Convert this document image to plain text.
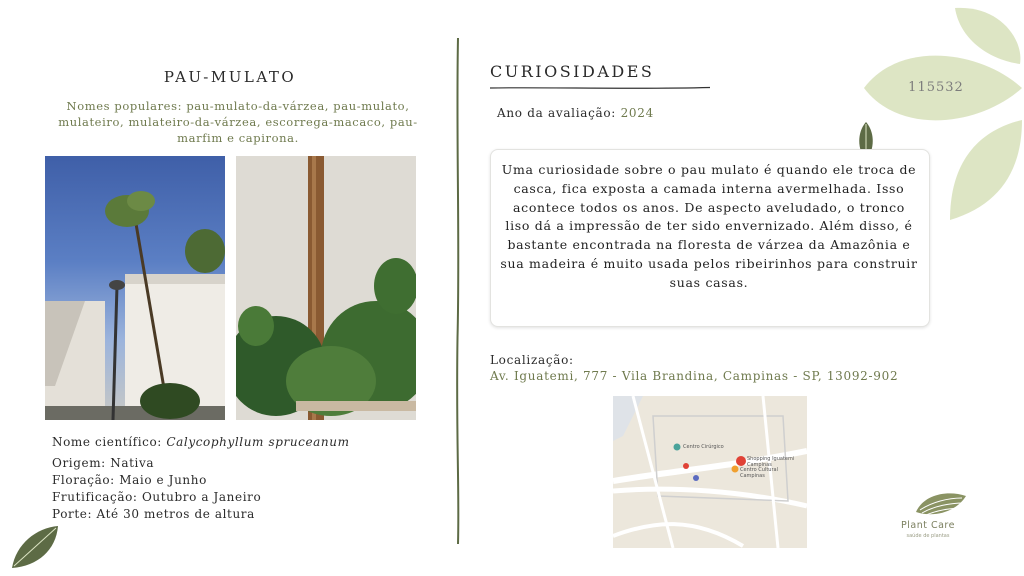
115532
PAU-MULATO
Nomes populares: pau-mulato-da-várzea, pau-mulato, mulateiro, mulateiro-da-várzea, escorrega-macaco, pau-marfim e capirona.
Nome científico: Calycophyllum spruceanum
Origem: Nativa
Floração: Maio e Junho
Frutificação: Outubro a Janeiro
Porte: Até 30 metros de altura
CURIOSIDADES
Ano da avaliação: 2024
Uma curiosidade sobre o pau mulato é quando ele troca de casca, fica exposta a camada interna avermelhada. Isso acontece todos os anos. De aspecto aveludado, o tronco liso dá a impressão de ter sido envernizado. Além disso, é bastante encontrada na floresta de várzea da Amazônia e sua madeira é muito usada pelos ribeirinhos para construir suas casas.
Localização:
Av. Iguatemi, 777 - Vila Brandina, Campinas - SP, 13092-902
Centro Cirúrgico
Shopping Iguatemi Campinas
Centro Cultural Campinas
Plant Care
saúde de plantas
